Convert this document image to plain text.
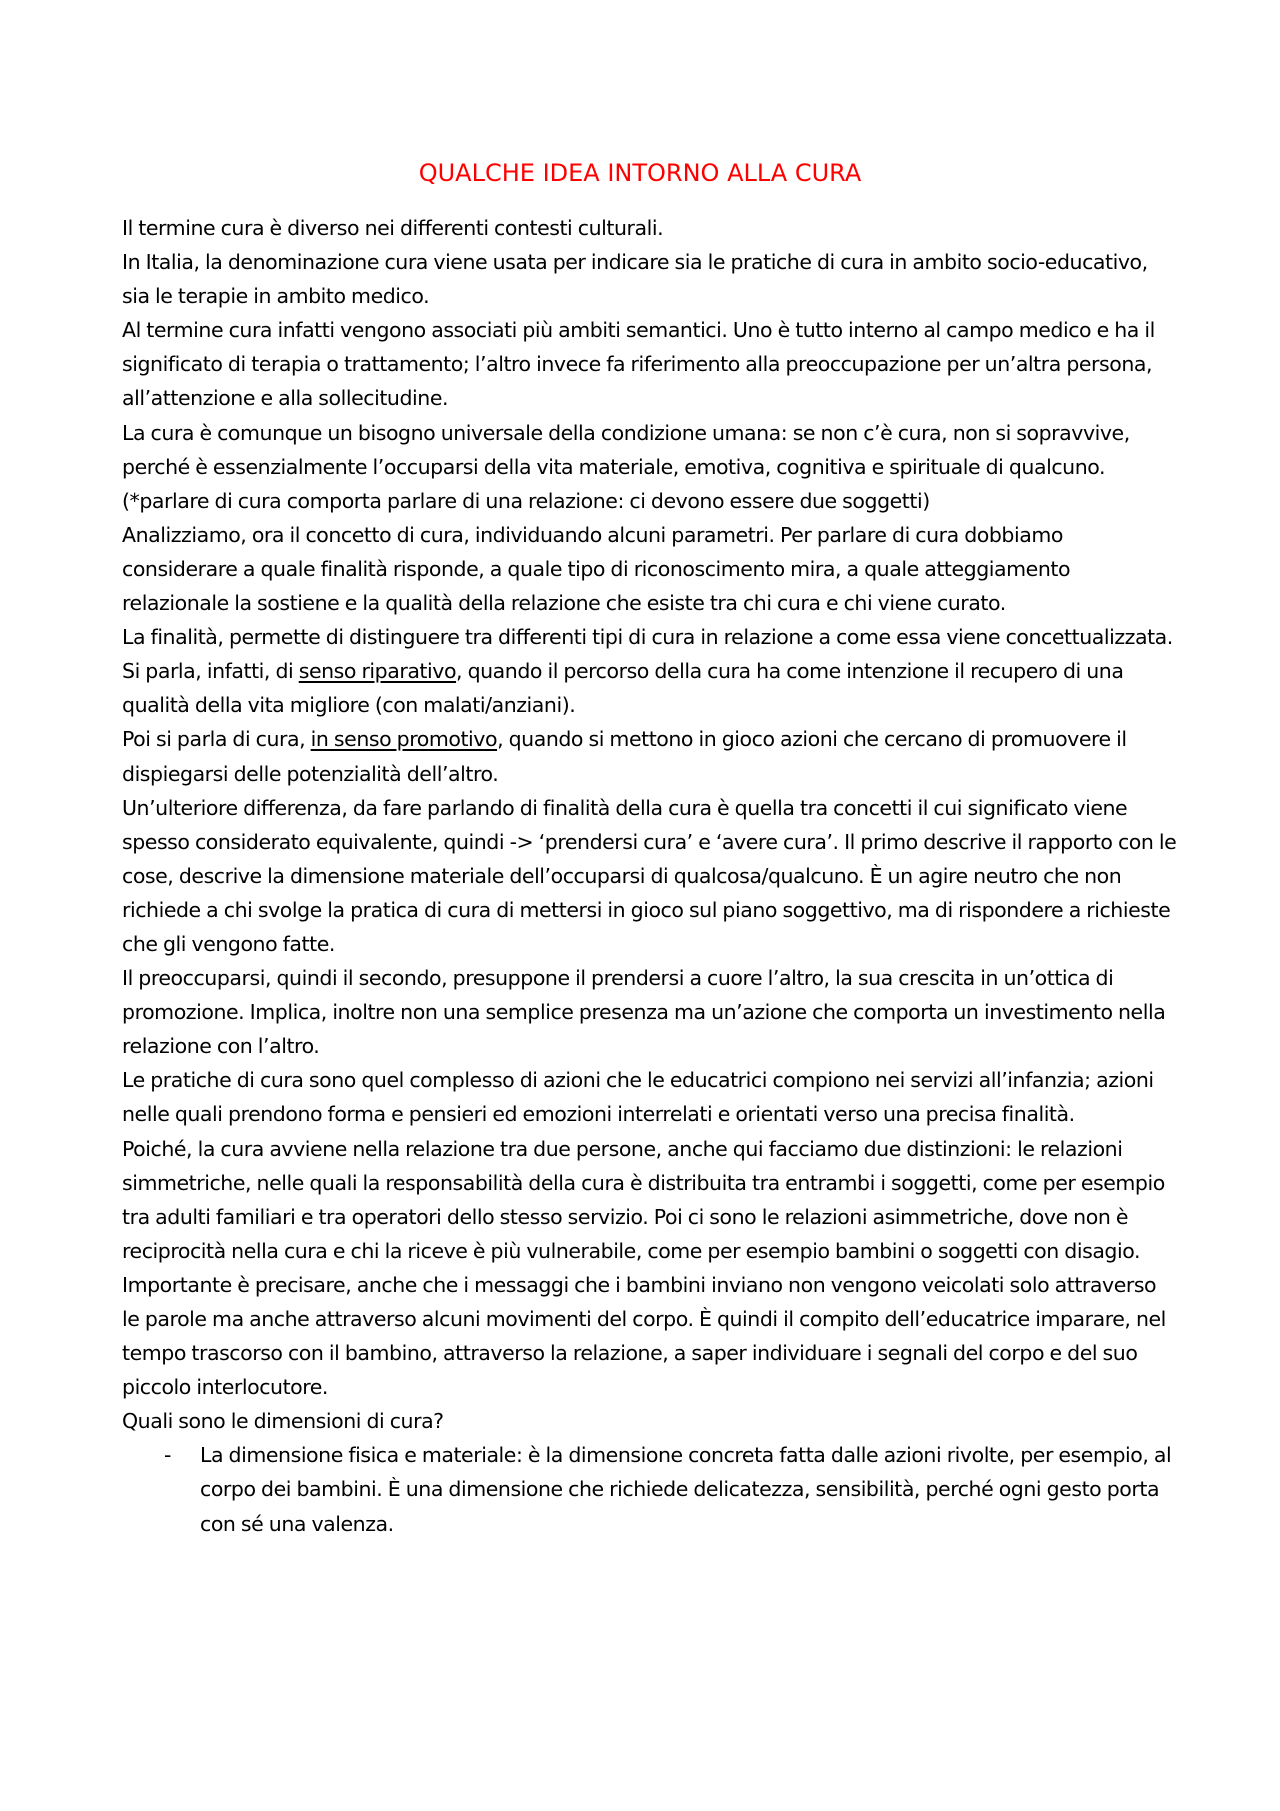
QUALCHE IDEA INTORNO ALLA CURA

Il termine cura è diverso nei differenti contesti culturali.

In Italia, la denominazione cura viene usata per indicare sia le pratiche di cura in ambito socio-educativo, sia le terapie in ambito medico.

Al termine cura infatti vengono associati più ambiti semantici. Uno è tutto interno al campo medico e ha il significato di terapia o trattamento; l’altro invece fa riferimento alla preoccupazione per un’altra persona, all’attenzione e alla sollecitudine.

La cura è comunque un bisogno universale della condizione umana: se non c’è cura, non si sopravvive, perché è essenzialmente l’occuparsi della vita materiale, emotiva, cognitiva e spirituale di qualcuno.

(*parlare di cura comporta parlare di una relazione: ci devono essere due soggetti)

Analizziamo, ora il concetto di cura, individuando alcuni parametri. Per parlare di cura dobbiamo considerare a quale finalità risponde, a quale tipo di riconoscimento mira, a quale atteggiamento relazionale la sostiene e la qualità della relazione che esiste tra chi cura e chi viene curato.

La finalità, permette di distinguere tra differenti tipi di cura in relazione a come essa viene concettualizzata. Si parla, infatti, di senso riparativo, quando il percorso della cura ha come intenzione il recupero di una qualità della vita migliore (con malati/anziani).

Poi si parla di cura, in senso promotivo, quando si mettono in gioco azioni che cercano di promuovere il dispiegarsi delle potenzialità dell’altro.

Un’ulteriore differenza, da fare parlando di finalità della cura è quella tra concetti il cui significato viene spesso considerato equivalente, quindi -> ‘prendersi cura’ e ‘avere cura’. Il primo descrive il rapporto con le cose, descrive la dimensione materiale dell’occuparsi di qualcosa/qualcuno. È un agire neutro che non richiede a chi svolge la pratica di cura di mettersi in gioco sul piano soggettivo, ma di rispondere a richieste che gli vengono fatte.

Il preoccuparsi, quindi il secondo, presuppone il prendersi a cuore l’altro, la sua crescita in un’ottica di promozione. Implica, inoltre non una semplice presenza ma un’azione che comporta un investimento nella relazione con l’altro.

Le pratiche di cura sono quel complesso di azioni che le educatrici compiono nei servizi all’infanzia; azioni nelle quali prendono forma e pensieri ed emozioni interrelati e orientati verso una precisa finalità.

Poiché, la cura avviene nella relazione tra due persone, anche qui facciamo due distinzioni: le relazioni simmetriche, nelle quali la responsabilità della cura è distribuita tra entrambi i soggetti, come per esempio tra adulti familiari e tra operatori dello stesso servizio. Poi ci sono le relazioni asimmetriche, dove non è reciprocità nella cura e chi la riceve è più vulnerabile, come per esempio bambini o soggetti con disagio.

Importante è precisare, anche che i messaggi che i bambini inviano non vengono veicolati solo attraverso le parole ma anche attraverso alcuni movimenti del corpo. È quindi il compito dell’educatrice imparare, nel tempo trascorso con il bambino, attraverso la relazione, a saper individuare i segnali del corpo e del suo piccolo interlocutore.

Quali sono le dimensioni di cura?

- La dimensione fisica e materiale: è la dimensione concreta fatta dalle azioni rivolte, per esempio, al corpo dei bambini. È una dimensione che richiede delicatezza, sensibilità, perché ogni gesto porta con sé una valenza.
